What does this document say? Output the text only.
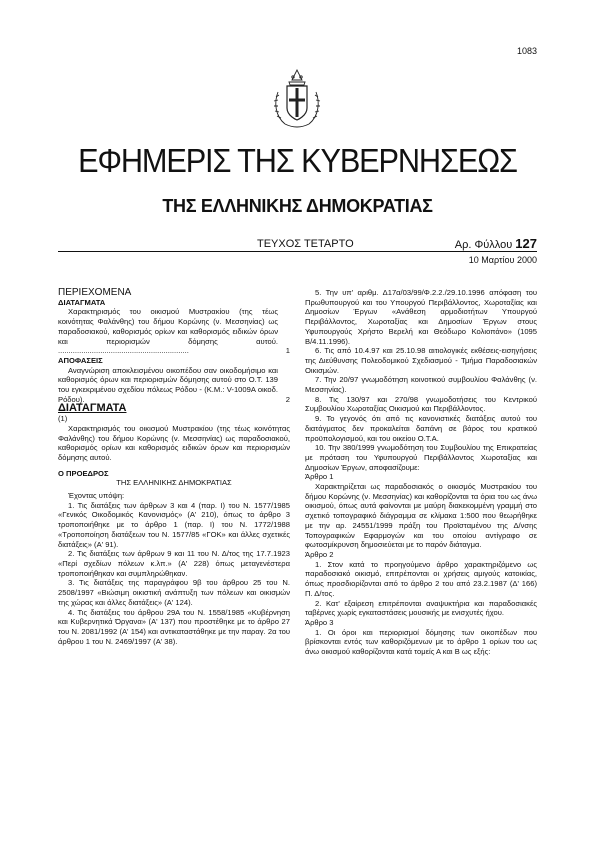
1083
ΕΦΗΜΕΡΙΣ ΤΗΣ ΚΥΒΕΡΝΗΣΕΩΣ
ΤΗΣ ΕΛΛΗΝΙΚΗΣ ΔΗΜΟΚΡΑΤΙΑΣ
ΤΕΥΧΟΣ ΤΕΤΑΡΤΟ	Αρ. Φύλλου 127
10 Μαρτίου 2000

ΠΕΡΙΕΧΟΜΕΝΑ

ΔΙΑΤΑΓΜΑΤΑ

Χαρακτηρισμός του οικισμού Μυστρακίου (της τέως κοινότητας Φαλάνθης) του δήμου Κορώνης (ν. Μεσσηνίας) ως παραδοσιακού, καθορισμός ορίων και καθορισμός ειδικών όρων και περιορισμών δόμησης αυτού. ..............................................................	1

ΑΠΟΦΑΣΕΙΣ

Αναγνώριση αποκλεισμένου οικοπέδου σαν οικοδομήσιμο και καθορισμός όρων και περιορισμών δόμησης αυτού στο Ο.Τ. 139 του εγκεκριμένου σχεδίου πόλεως Ρόδου - (Κ.Μ.: V-1009Α οικοδ. Ρόδου).	2

ΔΙΑΤΑΓΜΑΤΑ

(1)

Χαρακτηρισμός του οικισμού Μυστρακίου (της τέως κοινότητας Φαλάνθης) του δήμου Κορώνης (ν. Μεσσηνίας) ως παραδοσιακού, καθορισμός ορίων και καθορισμός ειδικών όρων και περιορισμών δόμησης αυτού.

Ο ΠΡΟΕΔΡΟΣ

ΤΗΣ ΕΛΛΗΝΙΚΗΣ ΔΗΜΟΚΡΑΤΙΑΣ

Έχοντας υπόψη:

1. Τις διατάξεις των άρθρων 3 και 4 (παρ. I) του Ν. 1577/1985 «Γενικός Οικοδομικός Κανονισμός» (Α' 210), όπως το άρθρο 3 τροποποιήθηκε με το άρθρο 1 (παρ. I) του Ν. 1772/1988 «Τροποποίηση διατάξεων του Ν. 1577/85 «ΓΟΚ» και άλλες σχετικές διατάξεις» (Α' 91).

2. Τις διατάξεις των άρθρων 9 και 11 του Ν. Δ/τος της 17.7.1923 «Περί σχεδίων πόλεων κ.λπ.» (Α' 228) όπως μεταγενέστερα τροποποιήθηκαν και συμπληρώθηκαν.

3. Τις διατάξεις της παραγράφου 9β του άρθρου 25 του Ν. 2508/1997 «Βιώσιμη οικιστική ανάπτυξη των πόλεων και οικισμών της χώρας και άλλες διατάξεις» (Α' 124).

4. Τις διατάξεις του άρθρου 29Α του Ν. 1558/1985 «Κυβέρνηση και Κυβερνητικά Όργανα» (Α' 137) που προστέθηκε με το άρθρο 27 του Ν. 2081/1992 (Α' 154) και αντικαταστάθηκε με την παραγ. 2α του άρθρου 1 του Ν. 2469/1997 (Α' 38).

5. Την υπ' αριθμ. Δ17α/03/99/Φ.2.2./29.10.1996 απόφαση του Πρωθυπουργού και του Υπουργού Περιβάλλοντος, Χωροταξίας και Δημοσίων Έργων «Ανάθεση αρμοδιοτήτων Υπουργού Περιβάλλοντος, Χωροταξίας και Δημοσίων Έργων στους Υφυπουργούς Χρήστο Βερελή και Θεόδωρο Κολιοπάνο» (1095 Β/4.11.1996).

6. Τις από 10.4.97 και 25.10.98 αιτιολογικές εκθέσεις-εισηγήσεις της Διεύθυνσης Πολεοδομικού Σχεδιασμού - Τμήμα Παραδοσιακών Οικισμών.

7. Την 20/97 γνωμοδότηση κοινοτικού συμβουλίου Φαλάνθης (ν. Μεσσηνίας).

8. Τις 130/97 και 270/98 γνωμοδοτήσεις του Κεντρικού Συμβουλίου Χωροταξίας Οικισμού και Περιβάλλοντος.

9. Το γεγονός ότι από τις κανονιστικές διατάξεις αυτού του διατάγματος δεν προκαλείται δαπάνη σε βάρος του κρατικού προϋπολογισμού, και του οικείου Ο.Τ.Α.

10. Την 380/1999 γνωμοδότηση του Συμβουλίου της Επικρατείας με πρόταση του Υφυπουργού Περιβάλλοντος Χωροταξίας και Δημοσίων Έργων, αποφασίζουμε:

Άρθρο 1

Χαρακτηρίζεται ως παραδοσιακός ο οικισμός Μυστρακίου του δήμου Κορώνης (ν. Μεσσηνίας) και καθορίζονται τα όρια του ως άνω οικισμού, όπως αυτά φαίνονται με μαύρη διακεκομμένη γραμμή στο σχετικό τοπογραφικό διάγραμμα σε κλίμακα 1:500 που θεωρήθηκε με την αρ. 24551/1999 πράξη του Προϊσταμένου της Δ/νσης Τοπογραφικών Εφαρμογών και του οποίου αντίγραφο σε φωτοσμίκρυνση δημοσιεύεται με το παρόν διάταγμα.

Άρθρο 2

1. Στον κατά το προηγούμενο άρθρο χαρακτηριζόμενο ως παραδοσιακό οικισμό, επιτρέπονται οι χρήσεις αμιγούς κατοικίας, όπως προσδιορίζονται από το άρθρο 2 του από 23.2.1987 (Δ' 166) Π. Δ/τος.

2. Κατ' εξαίρεση επιτρέπονται αναψυκτήρια και παραδοσιακές ταβέρνες χωρίς εγκαταστάσεις μουσικής με ενισχυτές ήχου.

Άρθρο 3

1. Οι όροι και περιορισμοί δόμησης των οικοπέδων που βρίσκονται εντός των καθοριζόμενων με το άρθρο 1 ορίων του ως άνω οικισμού καθορίζονται κατά τομείς Α και Β ως εξής:
